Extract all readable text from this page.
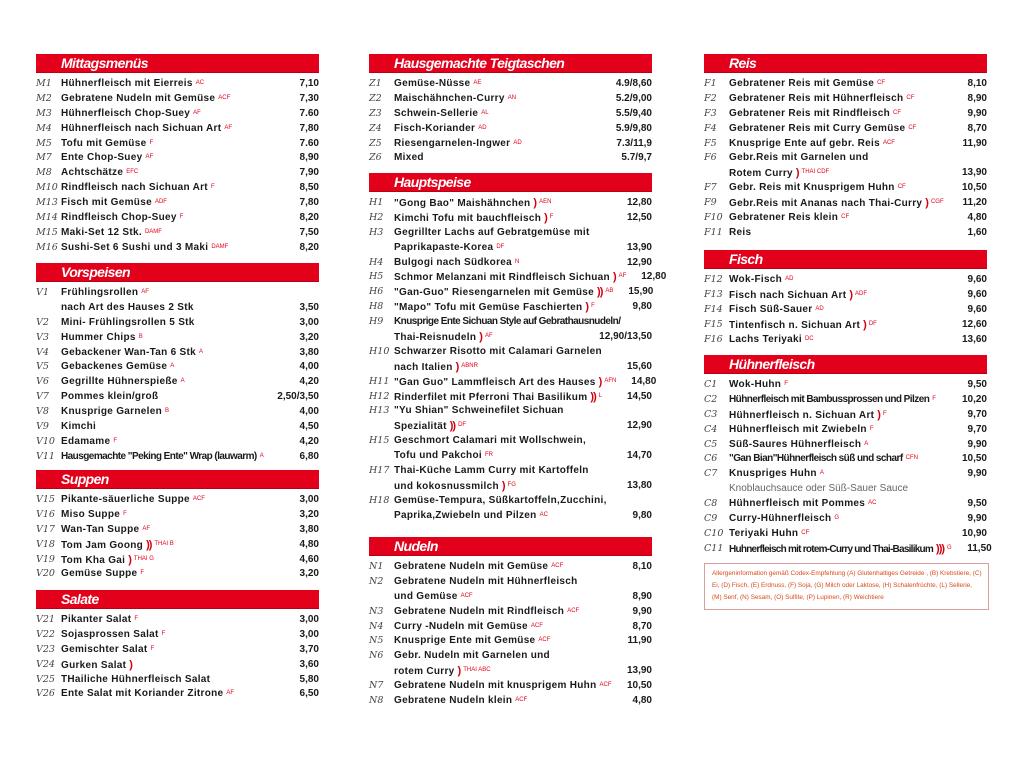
Mittagsmenüs
M1 Hühnerfleisch mit Eierreis $^{AC}$	7,10
M2 Gebratene Nudeln mit Gemüse $^{ACF}$	7,30
M3 Hühnerfleisch Chop-Suey $^{AF}$	7.60
M4 Hühnerfleisch nach Sichuan Art $^{AF}$	7,80
M5 Tofu mit Gemüse $^F$	7.60
M7 Ente Chop-Suey $^{AF}$	8,90
M8 Achtschätze $^{EFC}$	7,90
M10 Rindfleisch nach Sichuan Art $^F$	8,50
M13 Fisch mit Gemüse $^{ADF}$	7,80
M14 Rindfleisch Chop-Suey $^F$	8,20
M15 Maki-Set 12 Stk. $^{DAMF}$	7,50
M16 Sushi-Set 6 Sushi und 3 Maki $^{DAMF}$	8,20
Vorspeisen
V1	Frühlingsrollen $^{AF}$
nach Art des Hauses 2 Stk	3,50
V2	Mini- Frühlingsrollen 5 Stk	3,00
V3	Hummer Chips $^B$	3,20
V4	Gebackener Wan-Tan 6 Stk $^A$	3,80
V5	Gebackenes Gemüse $^A$	4,00
V6	Gegrillte Hühnerspieße $^A$	4,20
V7	Pommes klein/groß	2,50/3,50
V8	Knusprige Garnelen $^B$	4,00
V9	Kimchi	4,50
V10 Edamame $^F$	4,20
V11 Hausgemachte "Peking Ente" Wrap (lauwarm) $^A$	6,80
Suppen
V15 Pikante-säuerliche Suppe $^{ACF}$	3,00
V16 Miso Suppe $^F$	3,20
V17 Wan-Tan Suppe $^{AF}$	3,80
V18 Tom Jam Goong )) $^{THAI B}$	4,80
V19 Tom Kha Gai ) $^{THAI G}$	4,60
V20 Gemüse Suppe $^F$	3,20
Salate
V21 Pikanter Salat $^F$	3,00
V22 Sojasprossen Salat $^F$	3,00
V23 Gemischter Salat $^F$	3,70
V24 Gurken Salat )	3,60
V25 THailiche Hühnerfleisch Salat	5,80
V26 Ente Salat mit Koriander Zitrone $^{AF}$	6,50
Hausgemachte Teigtaschen
Z1	Gemüse-Nüsse $^{AE}$	4.9/8,60
Z2	Maischähnchen-Curry $^{AN}$	5.2/9,00
Z3	Schwein-Sellerie $^{AL}$	5.5/9,40
Z4	Fisch-Koriander $^{AD}$	5.9/9,80
Z5	Riesengarnelen-Ingwer $^{AD}$	7.3/11,9
Z6	Mixed	5.7/9,7
Hauptspeise
H1	"Gong Bao" Maishähnchen ) $^{AEN}$	12,80
H2	Kimchi Tofu mit bauchfleisch ) $^F$	12,50
H3	Gegrillter Lachs auf Gebratgemüse mit
Paprikapaste-Korea $^{DF}$	13,90
H4	Bulgogi nach Südkorea $^N$	12,90
H5	Schmor Melanzani mit Rindfleisch Sichuan ) $^{AF}$	12,80
H6	"Gan-Guo" Riesengarnelen mit Gemüse )) $^{AB}$	15,90
H8	"Mapo" Tofu mit Gemüse Faschierten ) $^F$	9,80
H9	Knusprige Ente Sichuan Style auf Gebrathausnudeln/
Thai-Reisnudeln ) $^{AF}$	12,90/13,50
H10 Schwarzer Risotto mit Calamari Garnelen
nach Italien ) $^{ABNR}$	15,60
H11 "Gan Guo" Lammfleisch Art des Hauses ) $^{AFN}$	14,80
H12 Rinderfilet mit Pferroni Thai Basilikum )) $^L$	14,50
H13 "Yu Shian" Schweinefilet Sichuan
Spezialität )) $^{DF}$	12,90
H15 Geschmort Calamari mit Wollschwein,
Tofu und Pakchoi $^{FR}$	14,70
H17 Thai-Küche Lamm Curry mit Kartoffeln
und kokosnussmilch ) $^{FG}$	13,80
H18 Gemüse-Tempura, Süßkartoffeln,Zucchini,
Paprika,Zwiebeln und Pilzen $^{AC}$	9,80
Nudeln
N1	Gebratene Nudeln mit Gemüse $^{ACF}$	8,10
N2	Gebratene Nudeln mit Hühnerfleisch
und Gemüse $^{ACF}$	8,90
N3	Gebratene Nudeln mit Rindfleisch $^{ACF}$	9,90
N4	Curry -Nudeln mit Gemüse $^{ACF}$	8,70
N5	Knusprige Ente mit Gemüse $^{ACF}$	11,90
N6	Gebr. Nudeln mit Garnelen und
rotem Curry ) $^{THAI ABC}$	13,90
N7	Gebratene Nudeln mit knusprigem Huhn $^{ACF}$	10,50
N8	Gebratene Nudeln klein $^{ACF}$	4,80
Reis
F1	Gebratener Reis mit Gemüse $^{CF}$	8,10
F2	Gebratener Reis mit Hühnerfleisch $^{CF}$	8,90
F3	Gebratener Reis mit Rindfleisch $^{CF}$	9,90
F4	Gebratener Reis mit Curry Gemüse $^{CF}$	8,70
F5	Knusprige Ente auf gebr. Reis $^{ACF}$	11,90
F6	Gebr.Reis mit Garnelen und
Rotem Curry ) $^{THAI CDF}$	13,90
F7	Gebr. Reis mit Knusprigem Huhn $^{CF}$	10,50
F9	Gebr.Reis mit Ananas nach Thai-Curry ) $^{CGF}$	11,20
F10 Gebratener Reis klein $^{CF}$	4,80
F11 Reis	1,60
Fisch
F12 Wok-Fisch $^{AD}$	9,60
F13 Fisch nach Sichuan Art ) $^{ADF}$	9,60
F14 Fisch Süß-Sauer $^{AD}$	9,60
F15 Tintenfisch n. Sichuan Art ) $^{DF}$	12,60
F16 Lachs Teriyaki $^{DC}$	13,60
Hühnerfleisch
C1	Wok-Huhn $^F$	9,50
C2	Hühnerfleisch mit Bambussprossen und Pilzen $^F$	10,20
C3	Hühnerfleisch n. Sichuan Art ) $^F$	9,70
C4	Hühnerfleisch mit Zwiebeln $^F$	9,70
C5	Süß-Saures Hühnerfleisch $^A$	9,90
C6	"Gan Bian"Hühnerfleisch süß und scharf $^{CFN}$	10,50
C7	Knuspriges Huhn $^A$	9,90
Knoblauchsauce oder Süß-Sauer Sauce
C8	Hühnerfleisch mit Pommes $^{AC}$	9,50
C9	Curry-Hühnerfleisch $^G$	9,90
C10 Teriyaki Huhn $^{CF}$	10,90
C11 Huhnerfleisch mit rotem-Curry und Thai-Basilikum ))) $^G$	11,50
Allergeninformation gemäß Codex-Empfehlung (A) Glutenhaltiges Getreide , (B) Krebstiere, (C) Ei, (D) Fisch, (E) Erdnuss, (F) Soja, (G) Milch oder Laktose, (H) Schalenfrüchte, (L) Sellerie, (M) Senf, (N) Sesam, (O) Sulfite, (P) Lupinen, (R) Weichtiere
